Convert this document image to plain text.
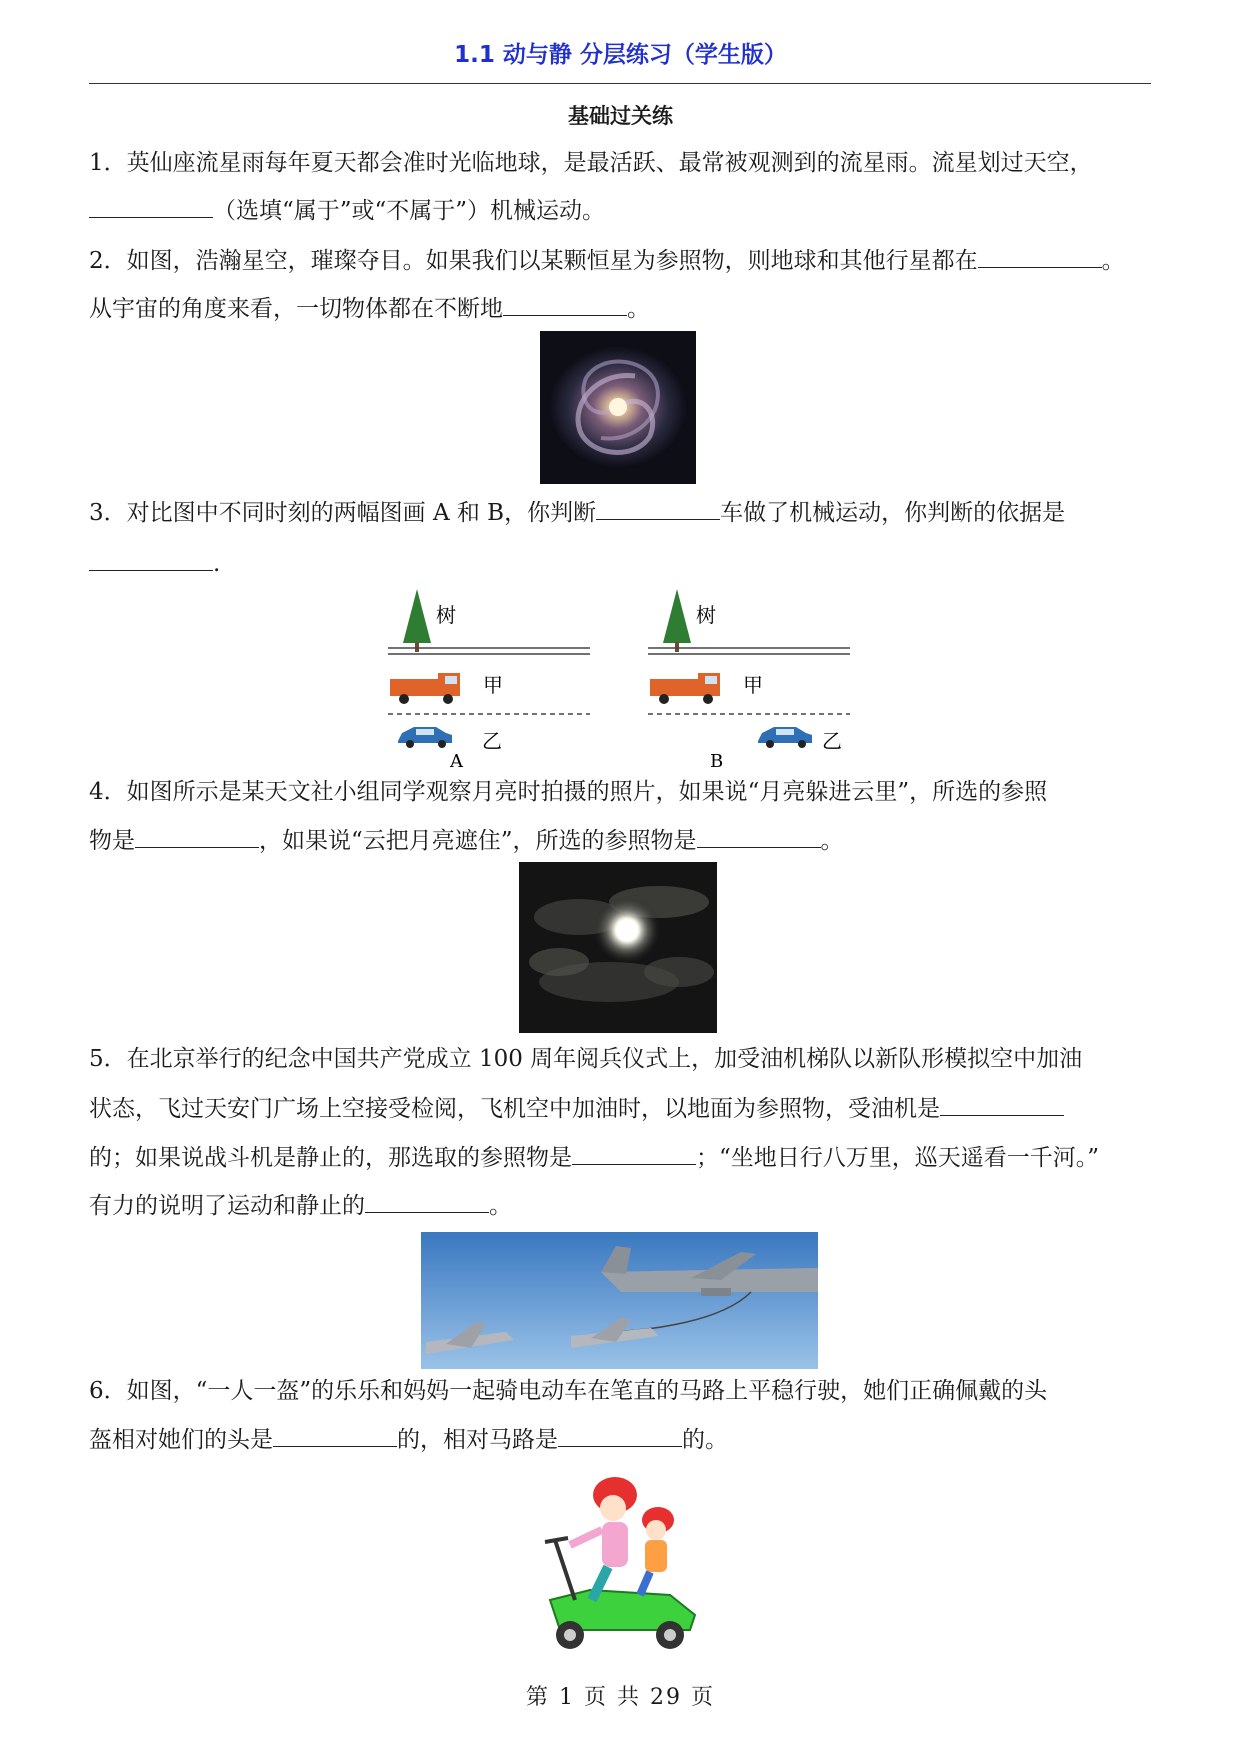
1.1 动与静 分层练习（学生版）
基础过关练
1．英仙座流星雨每年夏天都会准时光临地球，是最活跃、最常被观测到的流星雨。流星划过天空，
（选填“属于”或“不属于”）机械运动。
2．如图，浩瀚星空，璀璨夺目。如果我们以某颗恒星为参照物，则地球和其他行星都在	。
从宇宙的角度来看，一切物体都在不断地	。
3．对比图中不同时刻的两幅图画 A 和 B，你判断	车做了机械运动，你判断的依据是
.
树
甲
乙
A
树
甲
乙
B
4．如图所示是某天文社小组同学观察月亮时拍摄的照片，如果说“月亮躲进云里”，所选的参照
物是	，如果说“云把月亮遮住”，所选的参照物是	。
5．在北京举行的纪念中国共产党成立 100 周年阅兵仪式上，加受油机梯队以新队形模拟空中加油
状态，飞过天安门广场上空接受检阅，飞机空中加油时，以地面为参照物，受油机是
的；如果说战斗机是静止的，那选取的参照物是	；“坐地日行八万里，巡天遥看一千河。”
有力的说明了运动和静止的	。
6．如图，“一人一盔”的乐乐和妈妈一起骑电动车在笔直的马路上平稳行驶，她们正确佩戴的头
盔相对她们的头是	的，相对马路是	的。
第 1 页 共 29 页
